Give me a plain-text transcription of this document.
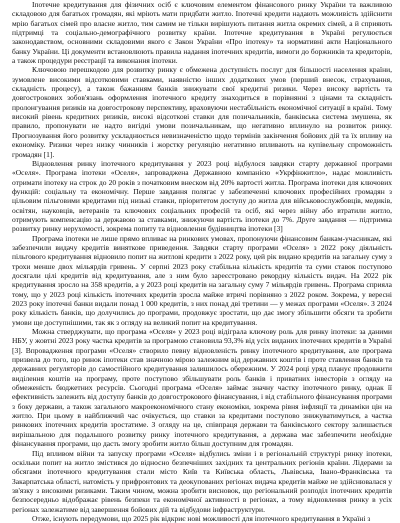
Іпотечне кредитування для фізичних осіб є ключовим елементом фінансового ринку України та важливою складовою для багатьох громадян, які мріють мати придбати житло. Іпотечні кредити надають можливість здійснити мрію багатьох сімей про власне житло, тим самим не тільки вирішують питання житла окремих сімей, а й сприяють підтримці та соціально-демографічного розвитку країни. Іпотечне кредитування в Україні регулюється законодавством, основними складовими якого є Закон України «Про іпотеку» та нормативні акти Національного банку України. Ці документи встановлюють правила надання іпотечних кредитів, вимоги до боржників та кредиторів, а також процедури реєстрації та виконання іпотеки.

Ключовою перешкодою для розвитку ринку є обмежена доступність послуг для більшості населення країни, зумовлене високими відсотковими ставками, наявністю інших додаткових умов (перший внесок, страхування, складність процесу), а також бажанням банків знижувати свої кредитні ризики. Через високу вартість та довгострокових зобов'язань оформлення іпотечного кредиту знаходиться в порівнянні з цінами та складність пролонгування ризиків на довгострокову перспективу, враховуючи нестабільність економічної ситуації в країні. Тому високий рівень кредитних ризиків, високі відсоткові ставки для позичальників, банківська система змушена, як правило, пропонувати не надто вигідні умови позичальникам, що негативно вплинуло на розвиток ринку. Прогнозування його розвитку ускладнюється невизначеністю щодо термінів закінчення бойових дій та їх впливу на економіку. Ризики через низку чинників і жорстку регуляцію негативно впливають на купівельну спроможність громадян [1].

Відновлення ринку іпотечного кредитування у 2023 році відбулося завдяки старту державної програми «Оселя». Програма іпотеки «Оселя», запроваджена Державною компанією «Укрфінжитло», надає можливість отримати іпотеку на строк до 20 років з початковим внеском від 20% вартості житла. Програма іпотеки для ключових функцій: соціальну та економічну. Перше завдання полягає у забезпеченні ключових професійних громадян з цільовим пільговими кредитами під низькі ставки, пріоритетом доступу до житла для військовослужбовців, медиків, освітян, науковців, ветеранів та ключових соціальних професій та осіб, які через війну або втратили житло, отримують компенсацію за державою за ставками, знижуючи вартість іпотеки до 7%. Друге завдання — підтримка розвитку ринку нерухомості, зокрема попиту та відновлення будівництва іпотеки [3]

Програма іпотеки не лише прямо впливає на ринкових умовах, пропонуючи фінансовим банкам-учасникам, які забезпечили видачу кредитів виняткове приведення. Завдяки старту програми «Оселя» з 2022 року діяльність пільгового кредитування відновило попит на житлові кредити з 2022 року, цей рік видано кредитів на загальну суму з трохи менше двох мільярдів гривень. У серпні 2023 року стабільна кількість кредитів та суми ставок поступово досягали цілі кредитів від кредитування, але з ним було зареєстровано рекордну кількість видач. На 2022 рік кредитування зросло на 358 кредитів, а у 2023 році кредитів на загальну суму 7 мільярдів гривень. Програма сприяла тому, що у 2023 році кількість іпотечних кредитів зросла майже втричі порівняно з 2022 роком. Зокрема, у вересні 2023 року іпотечні банки видали понад 1 000 кредитів, з них понад дві третини — у межах програми «Оселя». З 2024 року кількість банків, що долучились до програми, продовжує зростати, що дає змогу збільшити обсяги та зробити умови ще доступнішими, так як з огляду на великий попит на кредитування.

Можна стверджувати, що програма «Оселя» у 2023 році відіграла ключову роль для ринку іпотеки: за даними НБУ, у жовтні 2023 року частка кредитів за програмою становила 93,3% від усіх виданих іпотечних кредитів в Україні [3]. Впровадження програми «Оселя» створило певну відновленість ринку іпотечного кредитування, але програма призвела до того, що ринок іпотеки став значною мірою залежним від державних коштів і проте ставлення банків та державних регуляторів до самостійного кредитування залишилось обережним. У 2024 році уряд планує продовжити виділення коштів на програму, проте поступово збільшувати роль банків і приватних інвесторів з огляду на обмеженість бюджетних ресурсів. Сьогодні програма «Оселя» займає значну частку іпотечного ринку, однак її ефективність залежить від доступу банків до довгострокового фінансування, і від стабільного фінансування програми з боку держави, а також загального макроекономічного стану економіки, зокрема рівня інфляції та динаміки цін на житло. При цьому в найближчий час очікується, що ставки за кредитами поступово знижуватимуться, а частка ринкових іпотечних кредитів зростатиме. З огляду на це, співпраця держави та банківського сектору залишається вирішальною для подальшого розвитку ринку іпотечного кредитування, а держава має забезпечити необхідне фінансування програми, що дасть змогу зробити житло більш доступним для громадян.

Під впливом війни та запуску програми «Оселя» відбулись зміни і в регіональній структурі ринку іпотеки, оскільки попит на житло змістився до відносно безпечніших західних та центральних регіонів країни. Лідерами за обсягами іпотечного кредитування стали місто Київ та Київська область, Львівська, Івано-Франківська та Закарпатська області, натомість у прифронтових та деокупованих регіонах видача кредитів майже не здійснювалася у зв'язку з високими ризиками. Таким чином, можна зробити висновок, що регіональний розподіл іпотечних кредитів безпосередньо відображає рівень безпеки та економічної активності в регіонах, а тому відновлення ринку в усіх регіонах залежатиме від завершення бойових дій та відбудови інфраструктури.

Отже, існують передумови, що 2025 рік відкриє нові можливості для іпотечного кредитування в Україні з
